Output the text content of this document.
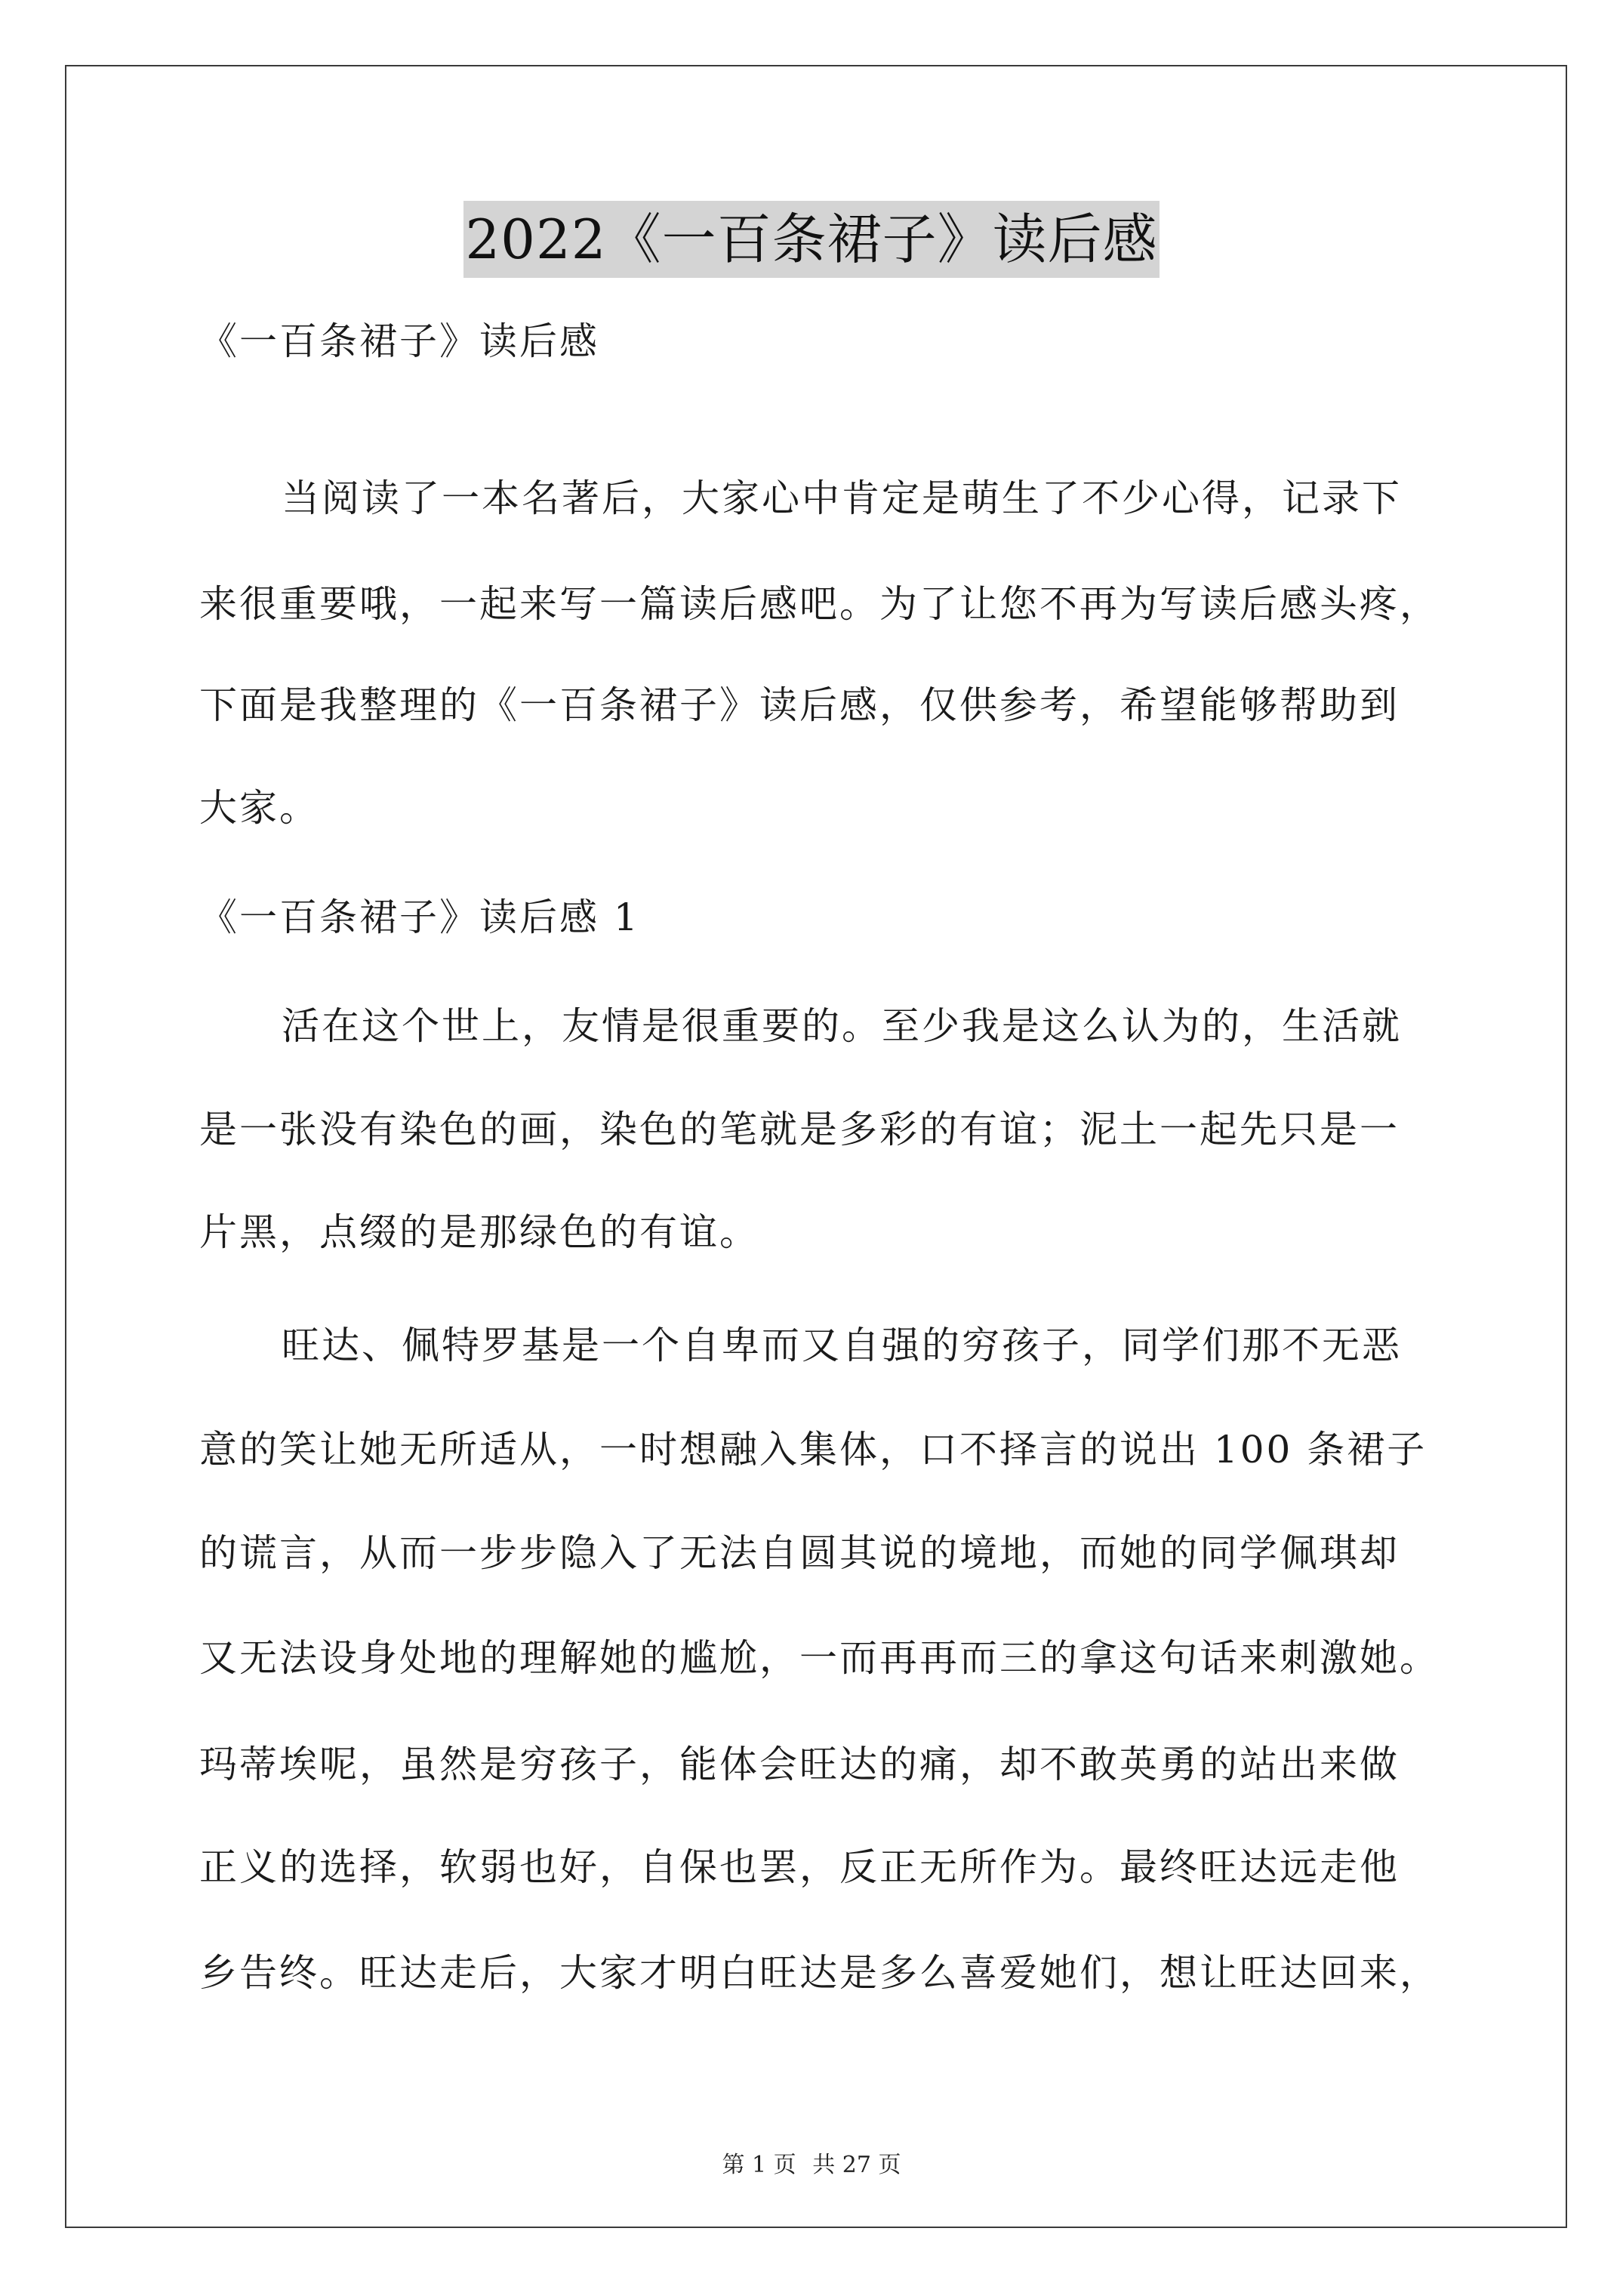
2022《一百条裙子》读后感
《一百条裙子》读后感
当阅读了一本名著后，大家心中肯定是萌生了不少心得，记录下
来很重要哦，一起来写一篇读后感吧。为了让您不再为写读后感头疼，
下面是我整理的《一百条裙子》读后感，仅供参考，希望能够帮助到
大家。
《一百条裙子》读后感 1
活在这个世上，友情是很重要的。至少我是这么认为的，生活就
是一张没有染色的画，染色的笔就是多彩的有谊；泥土一起先只是一
片黑，点缀的是那绿色的有谊。
旺达、佩特罗基是一个自卑而又自强的穷孩子，同学们那不无恶
意的笑让她无所适从，一时想融入集体，口不择言的说出 100 条裙子
的谎言，从而一步步隐入了无法自圆其说的境地，而她的同学佩琪却
又无法设身处地的理解她的尴尬，一而再再而三的拿这句话来刺激她。
玛蒂埃呢，虽然是穷孩子，能体会旺达的痛，却不敢英勇的站出来做
正义的选择，软弱也好，自保也罢，反正无所作为。最终旺达远走他
乡告终。旺达走后，大家才明白旺达是多么喜爱她们，想让旺达回来，
第 1 页 共 27 页
